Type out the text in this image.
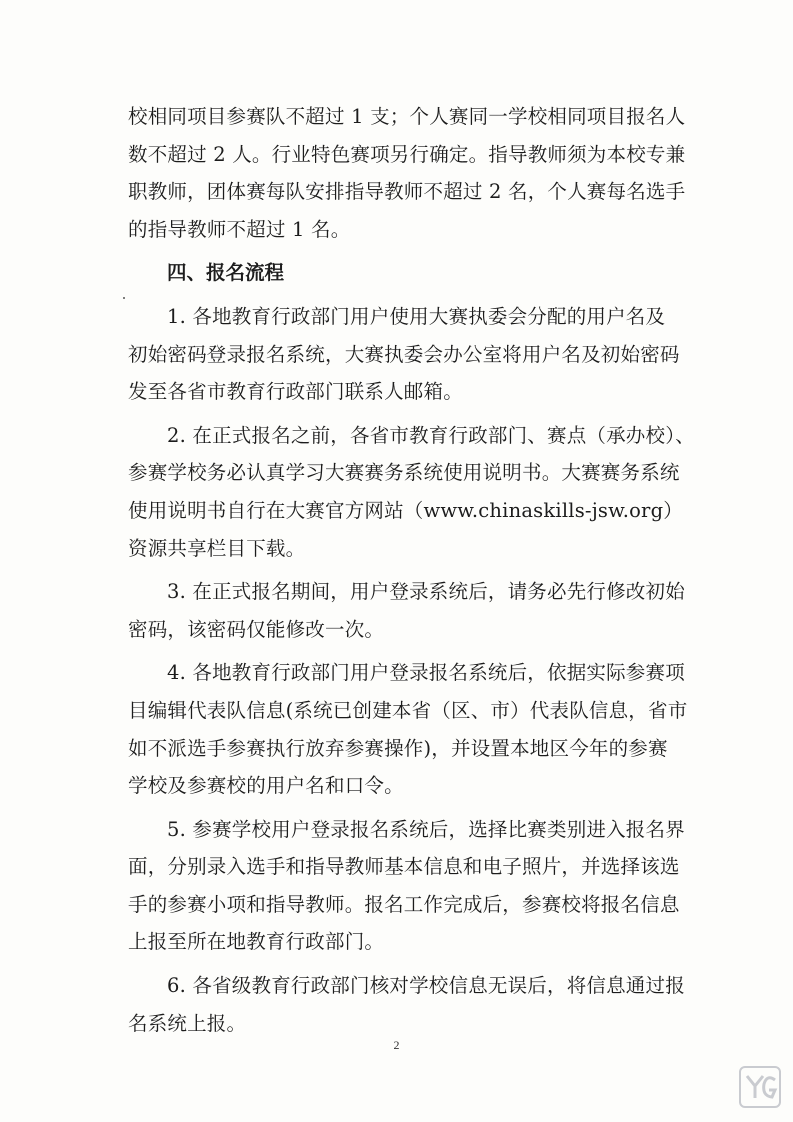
校相同项目参赛队不超过 1 支；个人赛同一学校相同项目报名人
数不超过 2 人。行业特色赛项另行确定。指导教师须为本校专兼
职教师，团体赛每队安排指导教师不超过 2 名，个人赛每名选手
的指导教师不超过 1 名。
四、报名流程
1. 各地教育行政部门用户使用大赛执委会分配的用户名及
初始密码登录报名系统，大赛执委会办公室将用户名及初始密码
发至各省市教育行政部门联系人邮箱。
2. 在正式报名之前，各省市教育行政部门、赛点（承办校）、
参赛学校务必认真学习大赛赛务系统使用说明书。大赛赛务系统
使用说明书自行在大赛官方网站（www.chinaskills-jsw.org）
资源共享栏目下载。
3. 在正式报名期间，用户登录系统后，请务必先行修改初始
密码，该密码仅能修改一次。
4. 各地教育行政部门用户登录报名系统后，依据实际参赛项
目编辑代表队信息(系统已创建本省（区、市）代表队信息，省市
如不派选手参赛执行放弃参赛操作)，并设置本地区今年的参赛
学校及参赛校的用户名和口令。
5. 参赛学校用户登录报名系统后，选择比赛类别进入报名界
面，分别录入选手和指导教师基本信息和电子照片，并选择该选
手的参赛小项和指导教师。报名工作完成后，参赛校将报名信息
上报至所在地教育行政部门。
6. 各省级教育行政部门核对学校信息无误后，将信息通过报
名系统上报。
2
